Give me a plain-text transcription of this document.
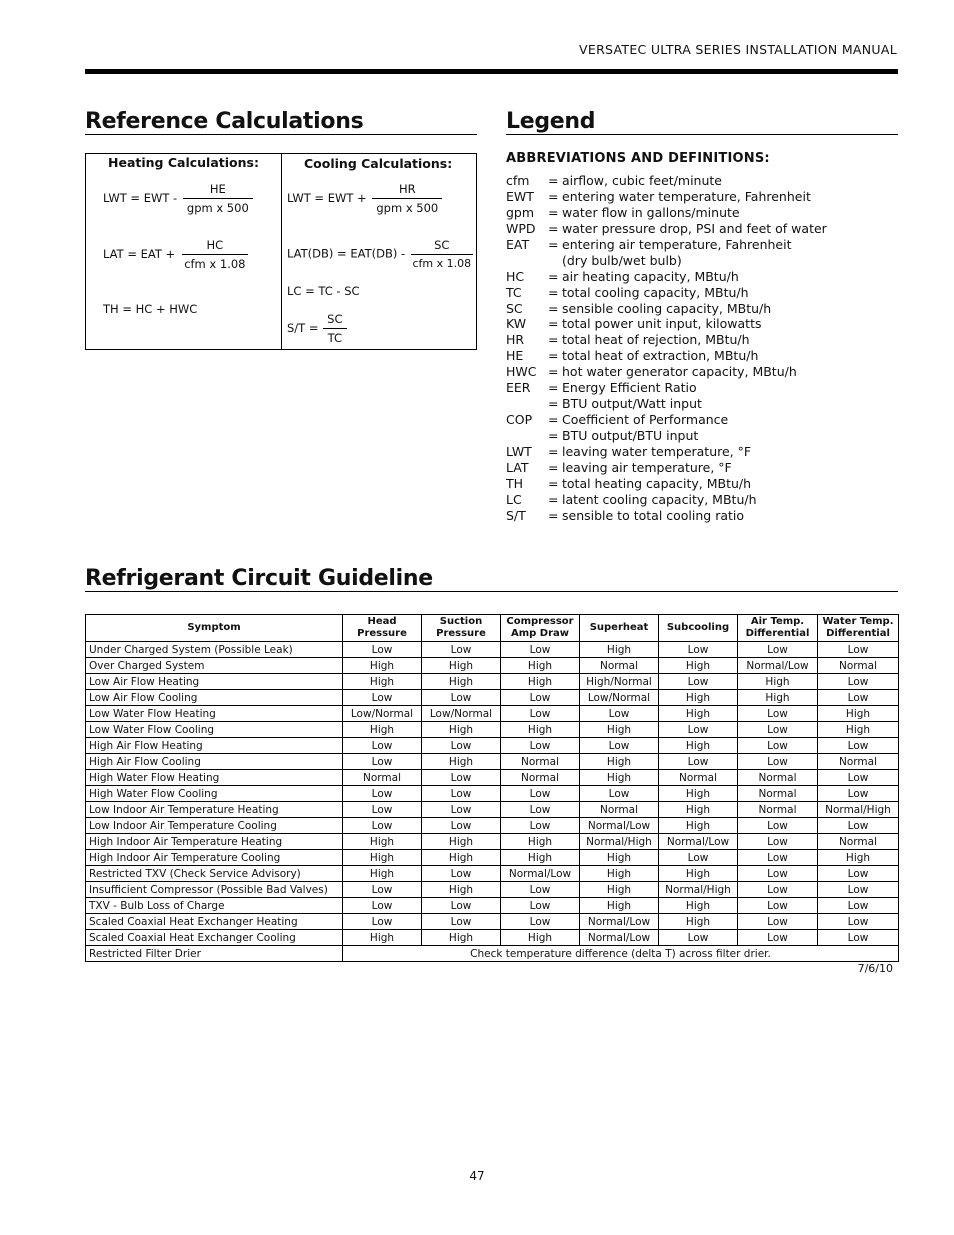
VERSATEC ULTRA SERIES INSTALLATION MANUAL
Reference Calculations
Heating Calculations:
LWT = EWT - $\frac{HE}{\text{gpm x 500}}$
LAT = EAT + $\frac{HC}{\text{cfm x 1.08}}$
TH = HC + HWC
Cooling Calculations:
LWT = EWT + $\frac{HR}{\text{gpm x 500}}$
$LAT(DB) = EAT(DB) - \frac{SC}{\text{cfm x 1.08}}$
LC = TC - SC
$S/T = \frac{SC}{TC}$
Legend
ABBREVIATIONS AND DEFINITIONS:
cfm	= airflow, cubic feet/minute
EWT	= entering water temperature, Fahrenheit
gpm	= water flow in gallons/minute
WPD = water pressure drop, PSI and feet of water
EAT	= entering air temperature, Fahrenheit
(dry bulb/wet bulb)
HC	= air heating capacity, MBtu/h
TC	= total cooling capacity, MBtu/h
SC	= sensible cooling capacity, MBtu/h
KW	= total power unit input, kilowatts
HR	= total heat of rejection, MBtu/h
HE	= total heat of extraction, MBtu/h
HWC = hot water generator capacity, MBtu/h
EER	= Energy Efficient Ratio
= BTU output/Watt input
COP	= Coefficient of Performance
= BTU output/BTU input
LWT	= leaving water temperature, °F
LAT	= leaving air temperature, °F
TH	= total heating capacity, MBtu/h
LC	= latent cooling capacity, MBtu/h
S/T	= sensible to total cooling ratio
Refrigerant Circuit Guideline
Symptom	Head Pressure	Suction Pressure	Compressor Amp Draw	Superheat	Subcooling	Air Temp. Differential	Water Temp. Differential
Under Charged System (Possible Leak)	Low	Low	Low	High	Low	Low	Low
Over Charged System	High	High	High	Normal	High	Normal/Low	Normal
Low Air Flow Heating	High	High	High	High/Normal	Low	High	Low
Low Air Flow Cooling	Low	Low	Low	Low/Normal	High	High	Low
Low Water Flow Heating	Low/Normal	Low/Normal	Low	Low	High	Low	High
Low Water Flow Cooling	High	High	High	High	Low	Low	High
High Air Flow Heating	Low	Low	Low	Low	High	Low	Low
High Air Flow Cooling	Low	High	Normal	High	Low	Low	Normal
High Water Flow Heating	Normal	Low	Normal	High	Normal	Normal	Low
High Water Flow Cooling	Low	Low	Low	Low	High	Normal	Low
Low Indoor Air Temperature Heating	Low	Low	Low	Normal	High	Normal	Normal/High
Low Indoor Air Temperature Cooling	Low	Low	Low	Normal/Low	High	Low	Low
High Indoor Air Temperature Heating	High	High	High	Normal/High	Normal/Low	Low	Normal
High Indoor Air Temperature Cooling	High	High	High	High	Low	Low	High
Restricted TXV (Check Service Advisory)	High	Low	Normal/Low	High	High	Low	Low
Insufficient Compressor (Possible Bad Valves)	Low	High	Low	High	Normal/High	Low	Low
TXV - Bulb Loss of Charge	Low	Low	Low	High	High	Low	Low
Scaled Coaxial Heat Exchanger Heating	Low	Low	Low	Normal/Low	High	Low	Low
Scaled Coaxial Heat Exchanger Cooling	High	High	High	Normal/Low	Low	Low	Low
Restricted Filter Drier	Check temperature difference (delta T) across filter drier.						
7/6/10
47
